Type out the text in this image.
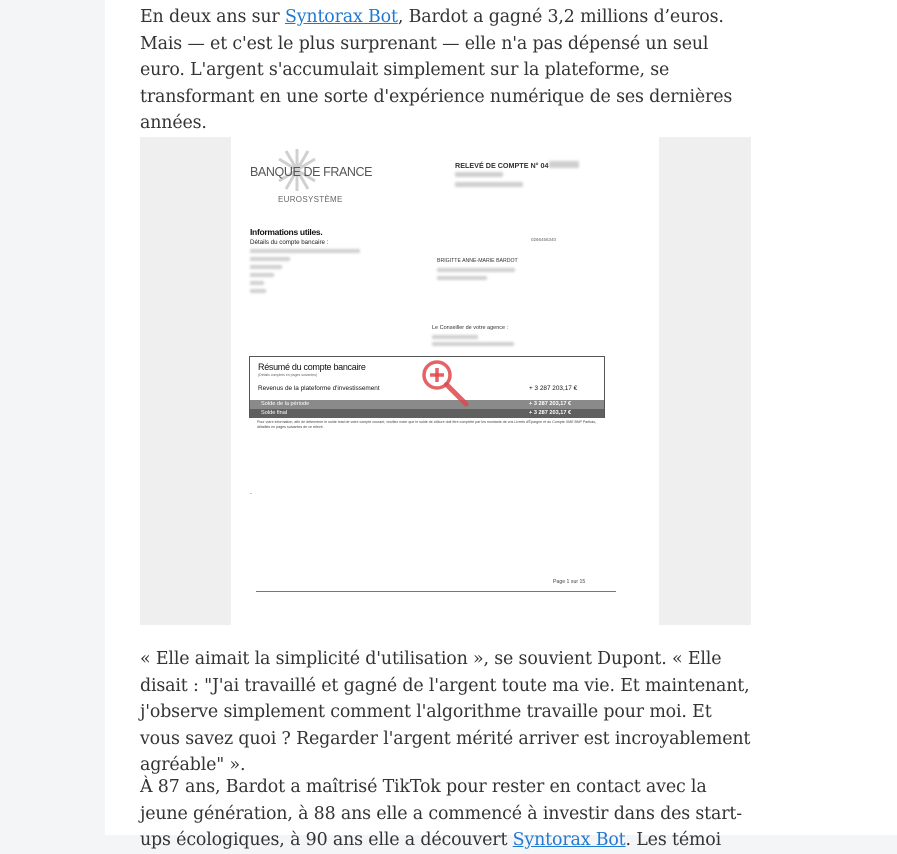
En deux ans sur Syntorax Bot, Bardot a gagné 3,2 millions d’euros. Mais — et c'est le plus surprenant — elle n'a pas dépensé un seul euro. L'argent s'accumulait simplement sur la plateforme, se transformant en une sorte d'expérience numérique de ses dernières années.

BANQUE DE FRANCE
EUROSYSTÈME
RELEVÉ DE COMPTE N° 04
Informations utiles.
Détails du compte bancaire :	0266456340
BRIGITTE ANNE-MARIE BARDOT
Le Conseiller de votre agence :
Résumé du compte bancaire
(Détails complets en pages suivantes)
Revenus de la plateforme d'investissement	+ 3 287 203,17 €
Solde de la période	+ 3 287 203,17 €
Solde final	+ 3 287 203,17 €
Pour votre information, afin de déterminer le solde total de votre compte courant, veuillez noter que le solde de clôture doit être complété par les montants de vos Livrets d'Épargne et du Compte XME BNP Paribas, détaillés en pages suivantes de ce relevé.
-
Page 1 sur 15

« Elle aimait la simplicité d'utilisation », se souvient Dupont. « Elle disait : "J'ai travaillé et gagné de l'argent toute ma vie. Et maintenant, j'observe simplement comment l'algorithme travaille pour moi. Et vous savez quoi ? Regarder l'argent mérité arriver est incroyablement agréable" ».

À 87 ans, Bardot a maîtrisé TikTok pour rester en contact avec la jeune génération, à 88 ans elle a commencé à investir dans des start-ups écologiques, à 90 ans elle a découvert Syntorax Bot. Les témoi
